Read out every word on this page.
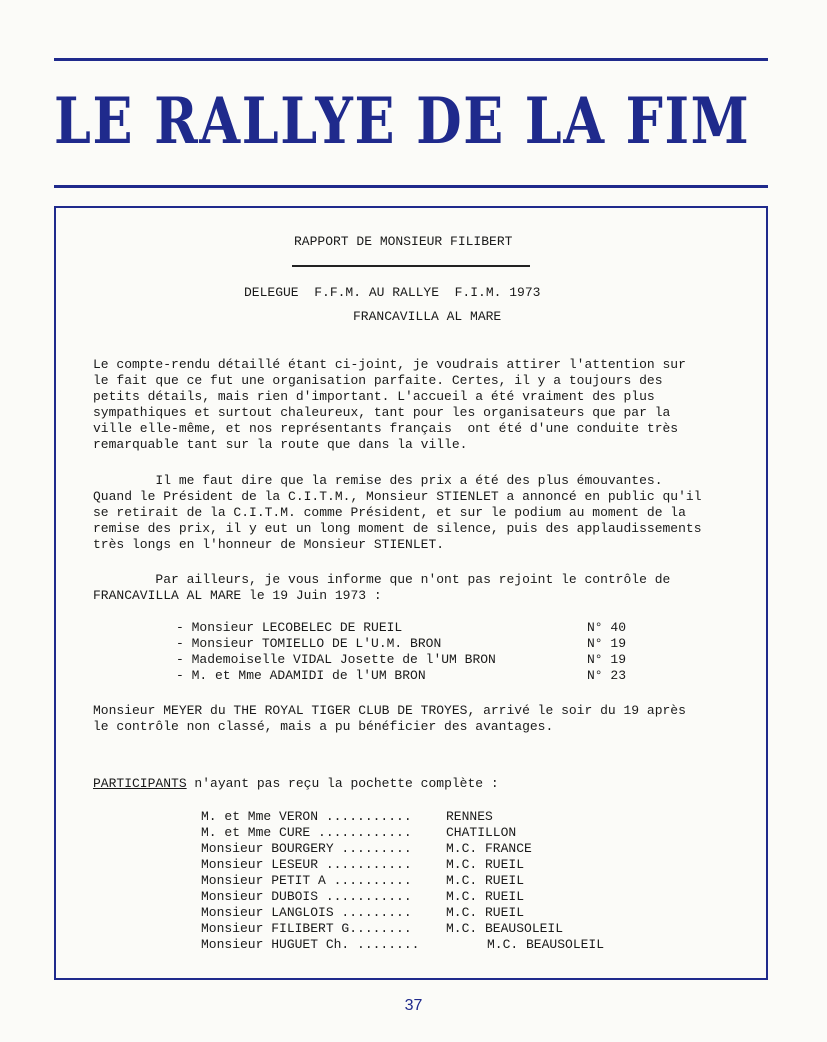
LE RALLYE DE LA FIM
RAPPORT DE MONSIEUR FILIBERT
DELEGUE  F.F.M. AU RALLYE  F.I.M. 1973
FRANCAVILLA AL MARE
Le compte-rendu détaillé étant ci-joint, je voudrais attirer l'attention sur
le fait que ce fut une organisation parfaite. Certes, il y a toujours des
petits détails, mais rien d'important. L'accueil a été vraiment des plus
sympathiques et surtout chaleureux, tant pour les organisateurs que par la
ville elle-même, et nos représentants français  ont été d'une conduite très
remarquable tant sur la route que dans la ville.
Il me faut dire que la remise des prix a été des plus émouvantes.
Quand le Président de la C.I.T.M., Monsieur STIENLET a annoncé en public qu'il
se retirait de la C.I.T.M. comme Président, et sur le podium au moment de la
remise des prix, il y eut un long moment de silence, puis des applaudissements
très longs en l'honneur de Monsieur STIENLET.
Par ailleurs, je vous informe que n'ont pas rejoint le contrôle de
FRANCAVILLA AL MARE le 19 Juin 1973 :
- Monsieur LECOBELEC DE RUEIL	N° 40
- Monsieur TOMIELLO DE L'U.M. BRON	N° 19
- Mademoiselle VIDAL Josette de l'UM BRON	N° 19
- M. et Mme ADAMIDI de l'UM BRON	N° 23
Monsieur MEYER du THE ROYAL TIGER CLUB DE TROYES, arrivé le soir du 19 après
le contrôle non classé, mais a pu bénéficier des avantages.
PARTICIPANTS n'ayant pas reçu la pochette complète :
M. et Mme VERON ...........	RENNES
M. et Mme CURE ............	CHATILLON
Monsieur BOURGERY .........	M.C. FRANCE
Monsieur LESEUR ...........	M.C. RUEIL
Monsieur PETIT A ..........	M.C. RUEIL
Monsieur DUBOIS ...........	M.C. RUEIL
Monsieur LANGLOIS .........	M.C. RUEIL
Monsieur FILIBERT G........	M.C. BEAUSOLEIL
Monsieur HUGUET Ch. ........	M.C. BEAUSOLEIL
37
